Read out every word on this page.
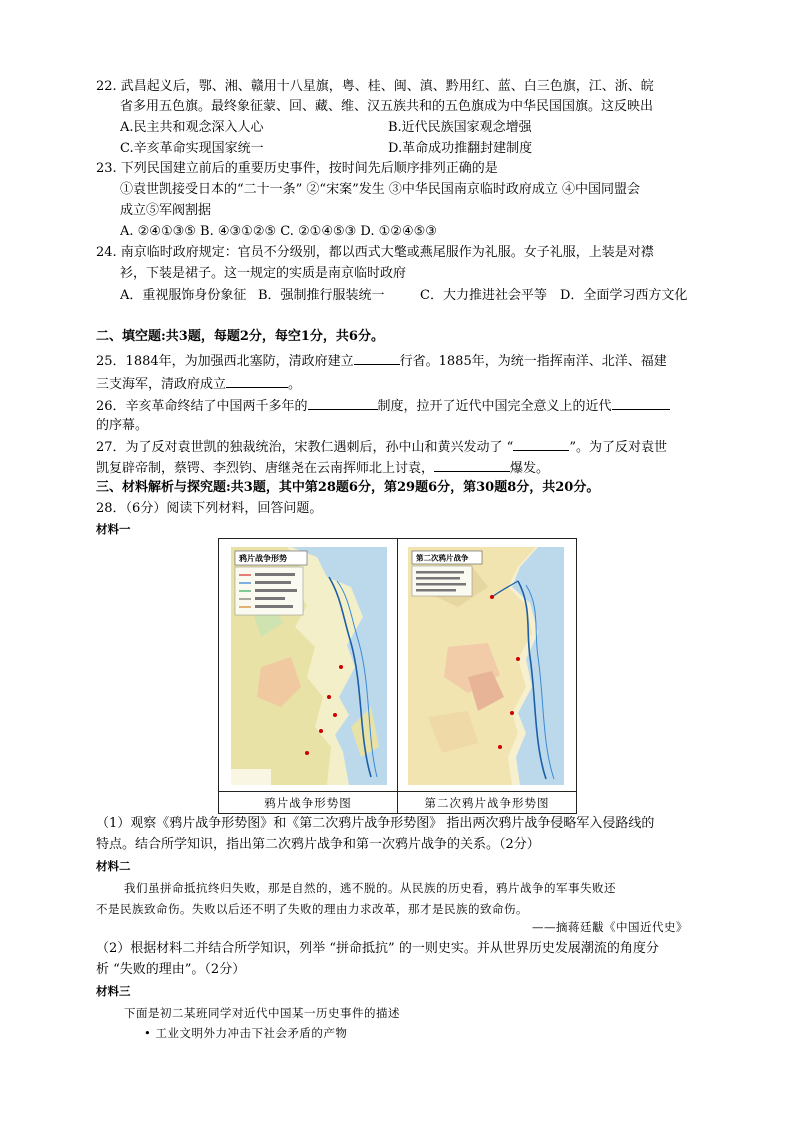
22. 武昌起义后，鄂、湘、赣用十八星旗，粤、桂、闽、滇、黔用红、蓝、白三色旗，江、浙、皖
省多用五色旗。最终象征蒙、回、藏、维、汉五族共和的五色旗成为中华民国国旗。这反映出
A.民主共和观念深入人心	B.近代民族国家观念增强
C.辛亥革命实现国家统一	D.革命成功推翻封建制度
23. 下列民国建立前后的重要历史事件，按时间先后顺序排列正确的是
①袁世凯接受日本的“二十一条” ②“宋案”发生 ③中华民国南京临时政府成立 ④中国同盟会
成立⑤军阀割据
A. ②④①③⑤ B. ④③①②⑤ C. ②①④⑤③ D. ①②④⑤③
24. 南京临时政府规定：官员不分级别，都以西式大氅或燕尾服作为礼服。女子礼服，上装是对襟
衫，下装是裙子。这一规定的实质是南京临时政府
A．重视服饰身份象征 B．强制推行服装统一	C．大力推进社会平等 D．全面学习西方文化
二、填空题:共3题，每题2分，每空1分，共6分。
25．1884年，为加强西北塞防，清政府建立	行省。1885年，为统一指挥南洋、北洋、福建
三支海军，清政府成立	。
26．辛亥革命终结了中国两千多年的	制度，拉开了近代中国完全意义上的近代
的序幕。
27．为了反对袁世凯的独裁统治，宋教仁遇刺后，孙中山和黄兴发动了 “	”。为了反对袁世
凯复辟帝制，蔡锷、李烈钧、唐继尧在云南挥师北上讨袁，	爆发。
三、材料解析与探究题:共3题，其中第28题6分，第29题6分，第30题8分，共20分。
28．（6分）阅读下列材料，回答问题。
材料一
鸦片战争形势	第二次鸦片战争
鸦片战争形势图	第二次鸦片战争形势图
（1）观察《鸦片战争形势图》和《第二次鸦片战争形势图》 指出两次鸦片战争侵略军入侵路线的
特点。结合所学知识，指出第二次鸦片战争和第一次鸦片战争的关系。（2分）
材料二
我们虽拼命抵抗终归失败，那是自然的，逃不脱的。从民族的历史看，鸦片战争的军事失败还
不是民族致命伤。失败以后还不明了失败的理由力求改革，那才是民族的致命伤。
——摘蒋廷黻《中国近代史》
（2）根据材料二并结合所学知识，列举 “拼命抵抗” 的一则史实。并从世界历史发展潮流的角度分
析 “失败的理由”。（2分）
材料三
下面是初二某班同学对近代中国某一历史事件的描述
• 工业文明外力冲击下社会矛盾的产物
